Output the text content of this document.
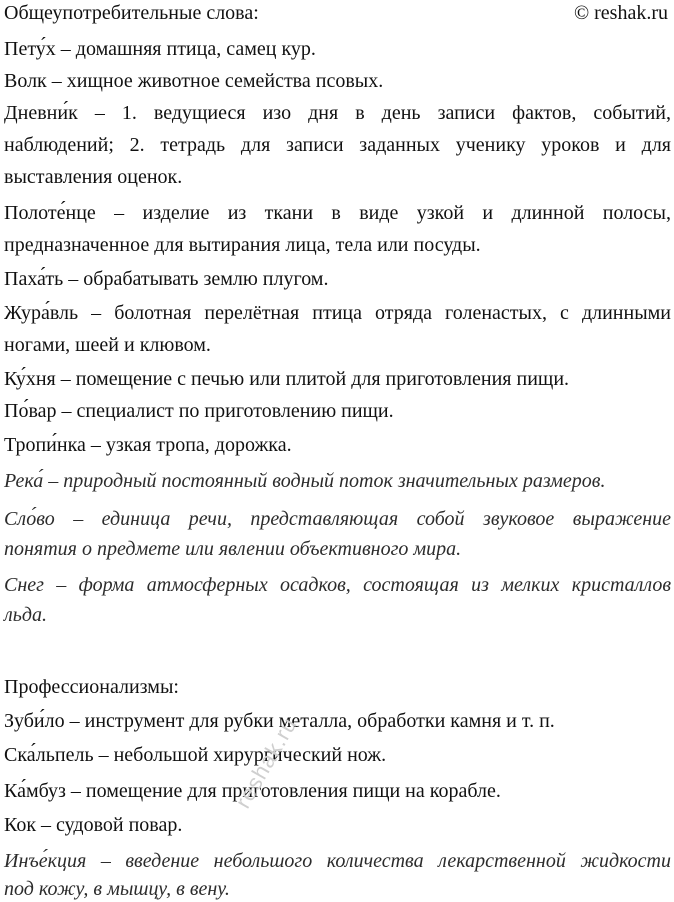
Общеупотребительные слова:	© reshak.ru
Пету́х – домашняя птица, самец кур.
Волк – хищное животное семейства псовых.
Дневни́к – 1. ведущиеся изо дня в день записи фактов, событий,
наблюдений; 2. тетрадь для записи заданных ученику уроков и для
выставления оценок.
Полоте́нце – изделие из ткани в виде узкой и длинной полосы,
предназначенное для вытирания лица, тела или посуды.
Паха́ть – обрабатывать землю плугом.
Жура́вль – болотная перелётная птица отряда голенастых, с длинными
ногами, шеей и клювом.
Ку́хня – помещение с печью или плитой для приготовления пищи.
По́вар – специалист по приготовлению пищи.
Тропи́нка – узкая тропа, дорожка.
Река́ – природный постоянный водный поток значительных размеров.
Сло́во – единица речи, представляющая собой звуковое выражение
понятия о предмете или явлении объективного мира.
Снег – форма атмосферных осадков, состоящая из мелких кристаллов
льда.
Профессионализмы:
Зуби́ло – инструмент для рубки металла, обработки камня и т. п.
Ска́льпель – небольшой хирургический нож.
Ка́мбуз – помещение для приготовления пищи на корабле.
Кок – судовой повар.
Инъе́кция – введение небольшого количества лекарственной жидкости
под кожу, в мышцу, в вену.
reshak.ru
